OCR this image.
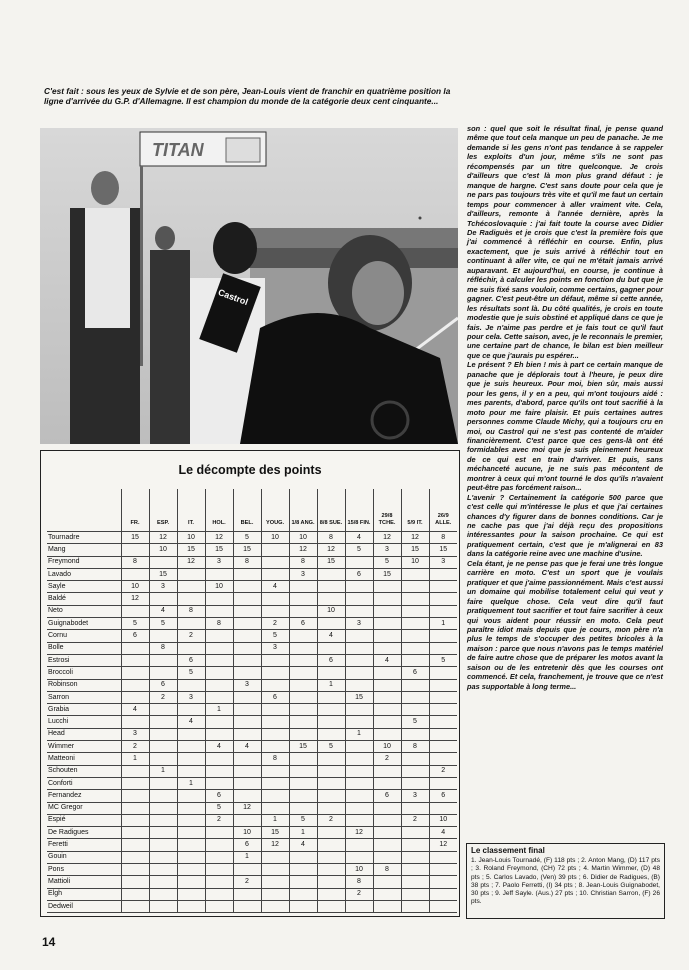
C'est fait : sous les yeux de Sylvie et de son père, Jean-Louis vient de franchir en quatrième position la ligne d'arrivée du G.P. d'Allemagne. Il est champion du monde de la catégorie deux cent cinquante...
TITAN
Castrol

son : quel que soit le résultat final, je pense quand même que tout cela manque un peu de panache. Je me demande si les gens n'ont pas tendance à se rappeler les exploits d'un jour, même s'ils ne sont pas récompensés par un titre quelconque. Je crois d'ailleurs que c'est là mon plus grand défaut : je manque de hargne. C'est sans doute pour cela que je ne pars pas toujours très vite et qu'il me faut un certain temps pour commencer à aller vraiment vite. Cela, d'ailleurs, remonte à l'année dernière, après la Tchécoslovaquie : j'ai fait toute la course avec Didier De Radiguès et je crois que c'est la première fois que j'ai commencé à réfléchir en course. Enfin, plus exactement, que je suis arrivé à réfléchir tout en continuant à aller vite, ce qui ne m'était jamais arrivé auparavant. Et aujourd'hui, en course, je continue à réfléchir, à calculer les points en fonction du but que je me suis fixé sans vouloir, comme certains, gagner pour gagner. C'est peut-être un défaut, même si cette année, les résultats sont là. Du côté qualités, je crois en toute modestie que je suis obstiné et appliqué dans ce que je fais. Je n'aime pas perdre et je fais tout ce qu'il faut pour cela. Cette saison, avec, je le reconnais le premier, une certaine part de chance, le bilan est bien meilleur que ce que j'aurais pu espérer...

Le présent ? Eh bien ! mis à part ce certain manque de panache que je déplorais tout à l'heure, je peux dire que je suis heureux. Pour moi, bien sûr, mais aussi pour les gens, il y en a peu, qui m'ont toujours aidé : mes parents, d'abord, parce qu'ils ont tout sacrifié à la moto pour me faire plaisir. Et puis certaines autres personnes comme Claude Michy, qui a toujours cru en moi, ou Castrol qui ne s'est pas contenté de m'aider financièrement. C'est parce que ces gens-là ont été formidables avec moi que je suis pleinement heureux de ce qui est en train d'arriver. Et puis, sans méchanceté aucune, je ne suis pas mécontent de montrer à ceux qui m'ont tourné le dos qu'ils n'avaient peut-être pas forcément raison...

L'avenir ? Certainement la catégorie 500 parce que c'est celle qui m'intéresse le plus et que j'ai certaines chances d'y figurer dans de bonnes conditions. Car je ne cache pas que j'ai déjà reçu des propositions intéressantes pour la saison prochaine. Ce qui est pratiquement certain, c'est que je m'alignerai en 83 dans la catégorie reine avec une machine d'usine.

Cela étant, je ne pense pas que je ferai une très longue carrière en moto. C'est un sport que je voulais pratiquer et que j'aime passionnément. Mais c'est aussi un domaine qui mobilise totalement celui qui veut y faire quelque chose. Cela veut dire qu'il faut pratiquement tout sacrifier et tout faire sacrifier à ceux qui vous aident pour réussir en moto. Cela peut paraître idiot mais depuis que je cours, mon père n'a plus le temps de s'occuper des petites bricoles à la maison : parce que nous n'avons pas le temps matériel de faire autre chose que de préparer les motos avant la saison ou de les entretenir dès que les courses ont commencé. Et cela, franchement, je trouve que ce n'est pas supportable à long terme...

Le décompte des points
	FR.	ESP.	IT.	HOL.	BEL.	YOUG.	1/8 ANG.	8/8 SUE.	15/8 FIN.	29/8 TCHE.	5/9 IT.	26/9 ALLE.
Tournadre	15	12	10	12	5	10	10	8	4	12	12	8
Mang		10	15	15	15		12	12	5	3	15	15
Freymond	8		12	3	8		8	15		5	10	3
Lavado		15					3		6	15		
Sayle	10	3		10		4						
Baldé	12											
Neto		4	8					10				
Guignabodet	5	5		8		2	6		3			1
Cornu	6		2			5		4				
Bolle		8				3						
Estrosi			6					6		4		5
Broccoli			5								6	
Robinson		6			3			1				
Sarron		2	3			6			15			
Grabia	4			1								
Lucchi			4								5	
Head	3								1			
Wimmer	2			4	4		15	5		10	8	
Matteoni	1					8				2		
Schouten		1										2
Conforti			1									
Fernandez				6						6	3	6
MC Gregor				5	12							
Espié				2		1	5	2			2	10
De Radigues					10	15	1		12			4
Feretti					6	12	4					12
Gouin					1							
Pons									10	8		
Mattioli					2				8			
Elgh									2			
Dedweil												
Le classement final
1. Jean-Louis Tournadé, (F) 118 pts ; 2. Anton Mang, (D) 117 pts ; 3. Roland Freymond, (CH) 72 pts ; 4. Martin Wimmer, (D) 48 pts ; 5. Carlos Lavado, (Ven) 39 pts ; 6. Didier de Radigues, (B) 38 pts ; 7. Paolo Ferretti, (I) 34 pts ; 8. Jean-Louis Guignabodet, 30 pts ; 9. Jeff Sayle. (Aus.) 27 pts ; 10. Christian Sarron, (F) 26 pts.
14
